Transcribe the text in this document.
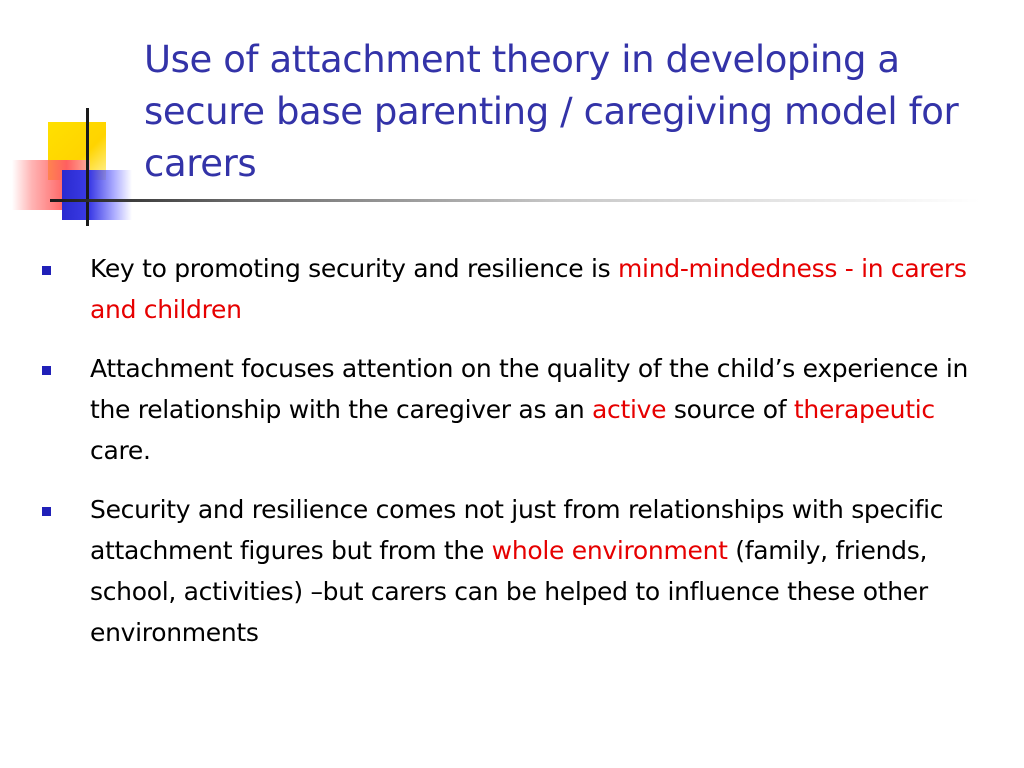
Use of attachment theory in developing a secure base parenting / caregiving model for carers
Key to promoting security and resilience is mind-mindedness - in carers and children
Attachment focuses attention on the quality of the child’s experience in the relationship with the caregiver as an active source of therapeutic care.
Security and resilience comes not just from relationships with specific attachment figures but from the whole environment (family, friends, school, activities) –but carers can be helped to influence these other environments
